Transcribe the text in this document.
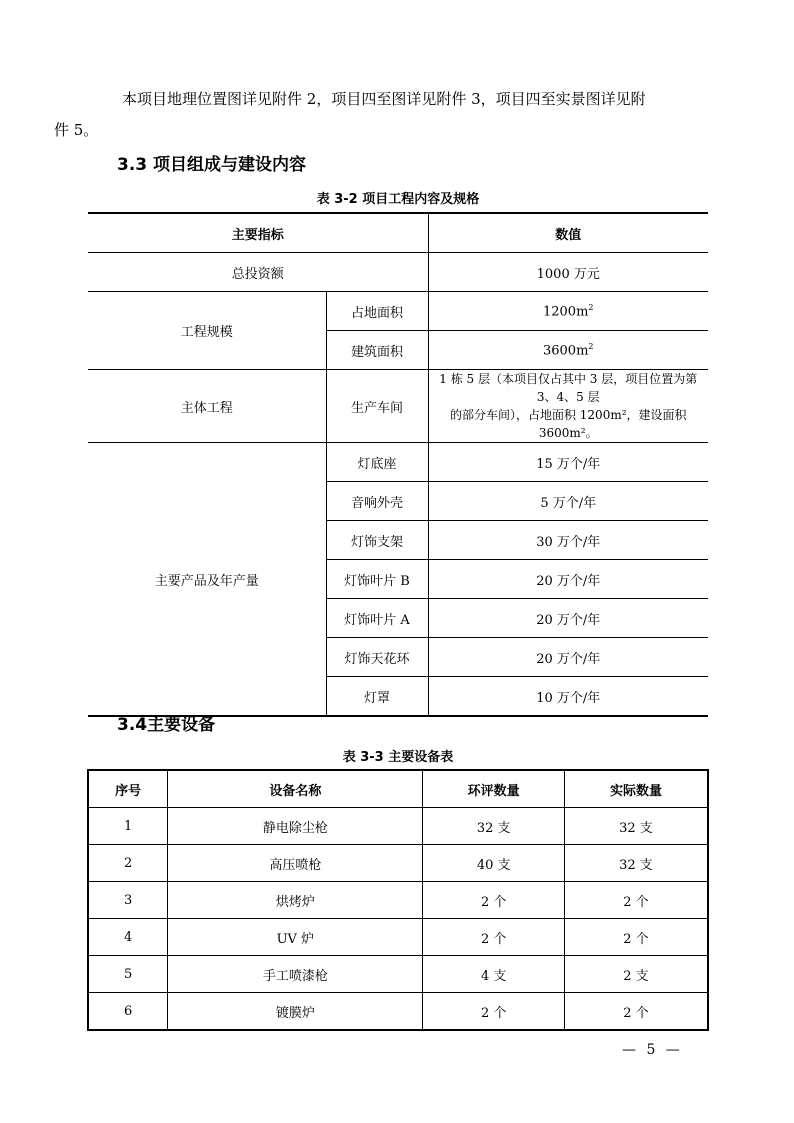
本项目地理位置图详见附件 2，项目四至图详见附件 3，项目四至实景图详见附
件 5。

3.3 项目组成与建设内容

表 3-2 项目工程内容及规格

主要指标		数值
总投资额		1000 万元
工程规模	占地面积	$1200m^2$
	建筑面积	$3600m^2$
主体工程	生产车间	1 栋 5 层（本项目仅占其中 3 层，项目位置为第 3、4、5 层
的部分车间），占地面积 1200m²，建设面积 3600m²。
主要产品及年产量	灯底座	15 万个/年
	音响外壳	5 万个/年
	灯饰支架	30 万个/年
	灯饰叶片 B	20 万个/年
	灯饰叶片 A	20 万个/年
	灯饰天花环	20 万个/年
	灯罩	10 万个/年
3.4主要设备

表 3-3 主要设备表

序号	设备名称	环评数量	实际数量
1	静电除尘枪	32 支	32 支
2	高压喷枪	40 支	32 支
3	烘烤炉	2 个	2 个
4	UV 炉	2 个	2 个
5	手工喷漆枪	4 支	2 支
6	镀膜炉	2 个	2 个

— 5 —
